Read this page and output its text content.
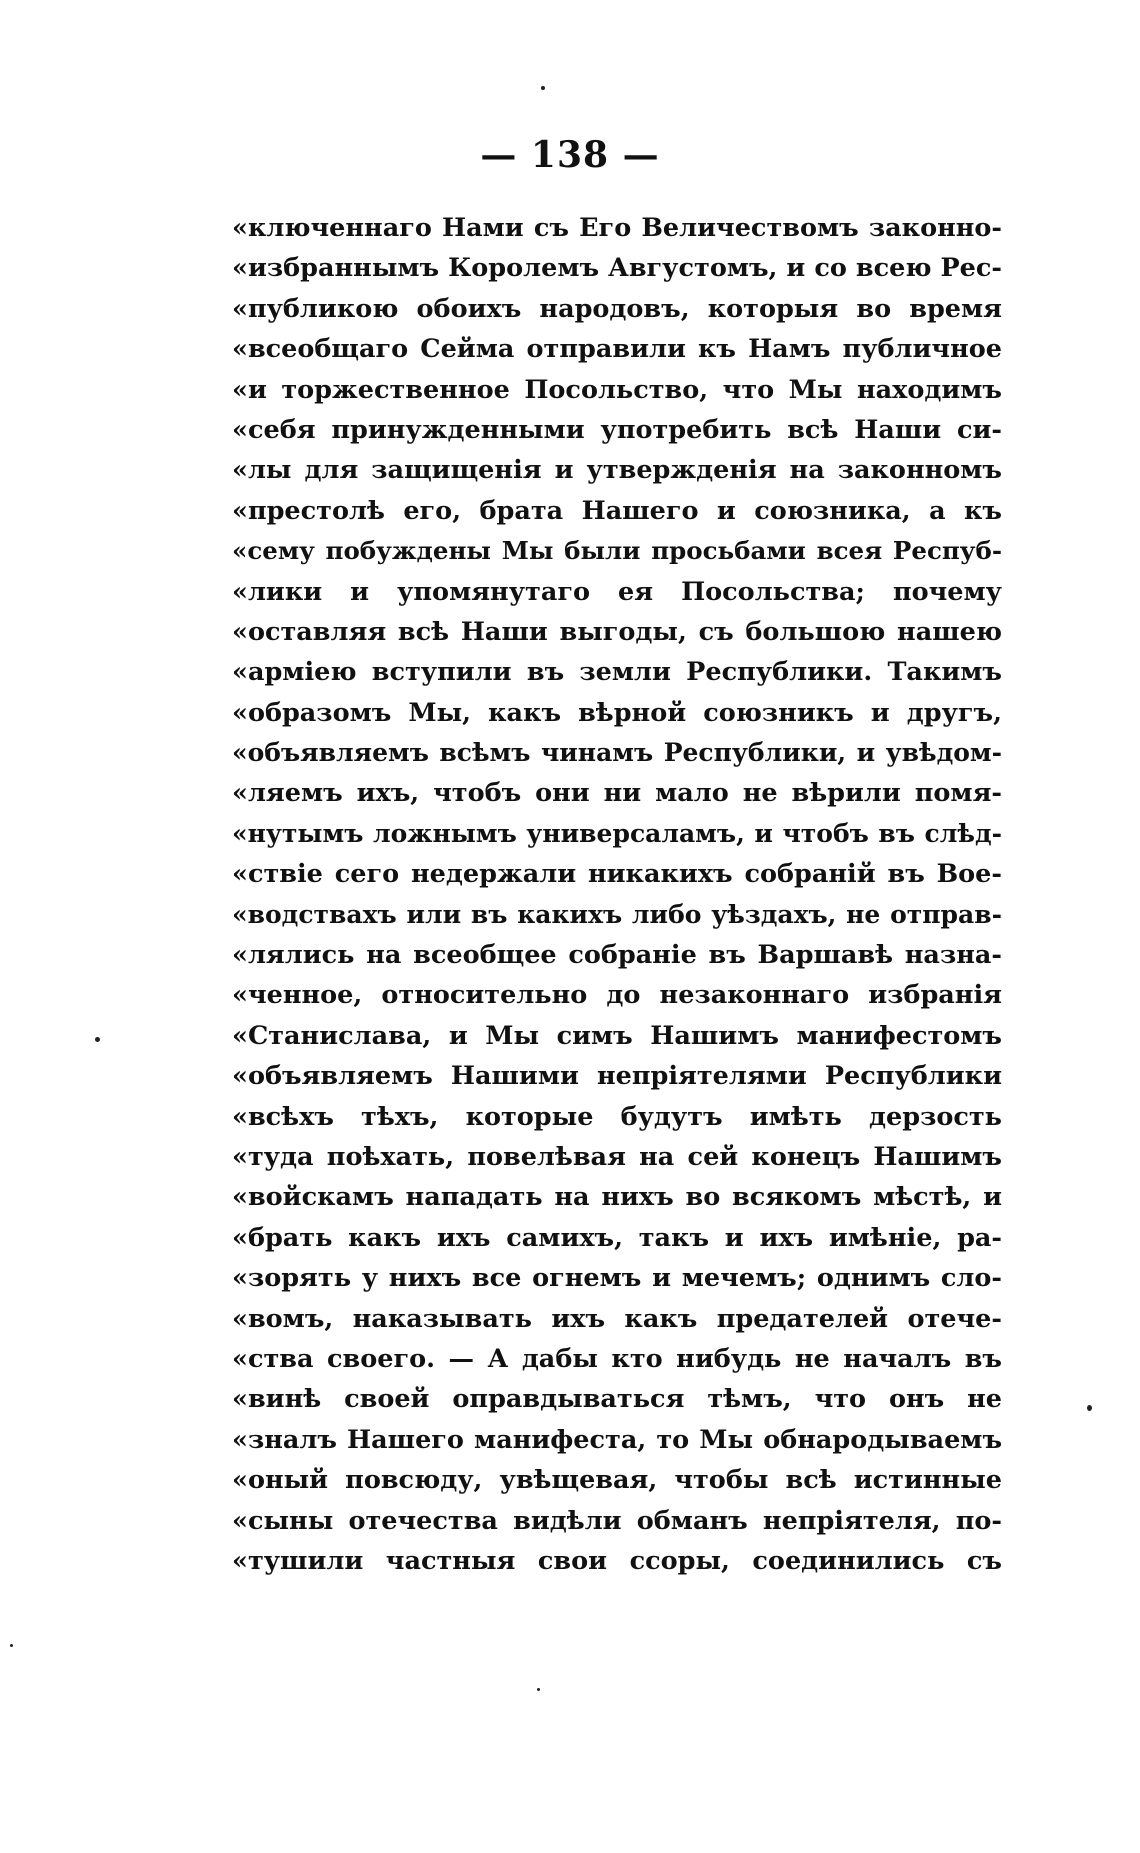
— 138 —
«ключеннаго Нами съ Его Величествомъ законно-
«избраннымъ Королемъ Августомъ, и со всею Рес-
«публикою обоихъ народовъ, которыя во время
«всеобщаго Сейма отправили къ Намъ публичное
«и торжественное Посольство, что Мы находимъ
«себя принужденными употребить всѣ Наши си-
«лы для защищенія и утвержденія на законномъ
«престолѣ его, брата Нашего и союзника, а къ
«сему побуждены Мы были просьбами всея Респуб-
«лики и упомянутаго ея Посольства; почему
«оставляя всѣ Наши выгоды, съ большою нашею
«арміею вступили въ земли Республики. Такимъ
«образомъ Мы, какъ вѣрной союзникъ и другъ,
«объявляемъ всѣмъ чинамъ Республики, и увѣдом-
«ляемъ ихъ, чтобъ они ни мало не вѣрили помя-
«нутымъ ложнымъ универсаламъ, и чтобъ въ слѣд-
«ствіе сего недержали никакихъ собраній въ Вое-
«водствахъ или въ какихъ либо уѣздахъ, не отправ-
«лялись на всеобщее собраніе въ Варшавѣ назна-
«ченное, относительно до незаконнаго избранія
«Станислава, и Мы симъ Нашимъ манифестомъ
«объявляемъ Нашими непріятелями Республики
«всѣхъ тѣхъ, которые будутъ имѣть дерзость
«туда поѣхать, повелѣвая на сей конецъ Нашимъ
«войскамъ нападать на нихъ во всякомъ мѣстѣ, и
«брать какъ ихъ самихъ, такъ и ихъ имѣніе, ра-
«зорять у нихъ все огнемъ и мечемъ; однимъ сло-
«вомъ, наказывать ихъ какъ предателей отече-
«ства своего. — А дабы кто нибудь не началъ въ
«винѣ своей оправдываться тѣмъ, что онъ не
«зналъ Нашего манифеста, то Мы обнародываемъ
«оный повсюду, увѣщевая, чтобы всѣ истинные
«сыны отечества видѣли обманъ непріятеля, по-
«тушили частныя свои ссоры, соединились съ
